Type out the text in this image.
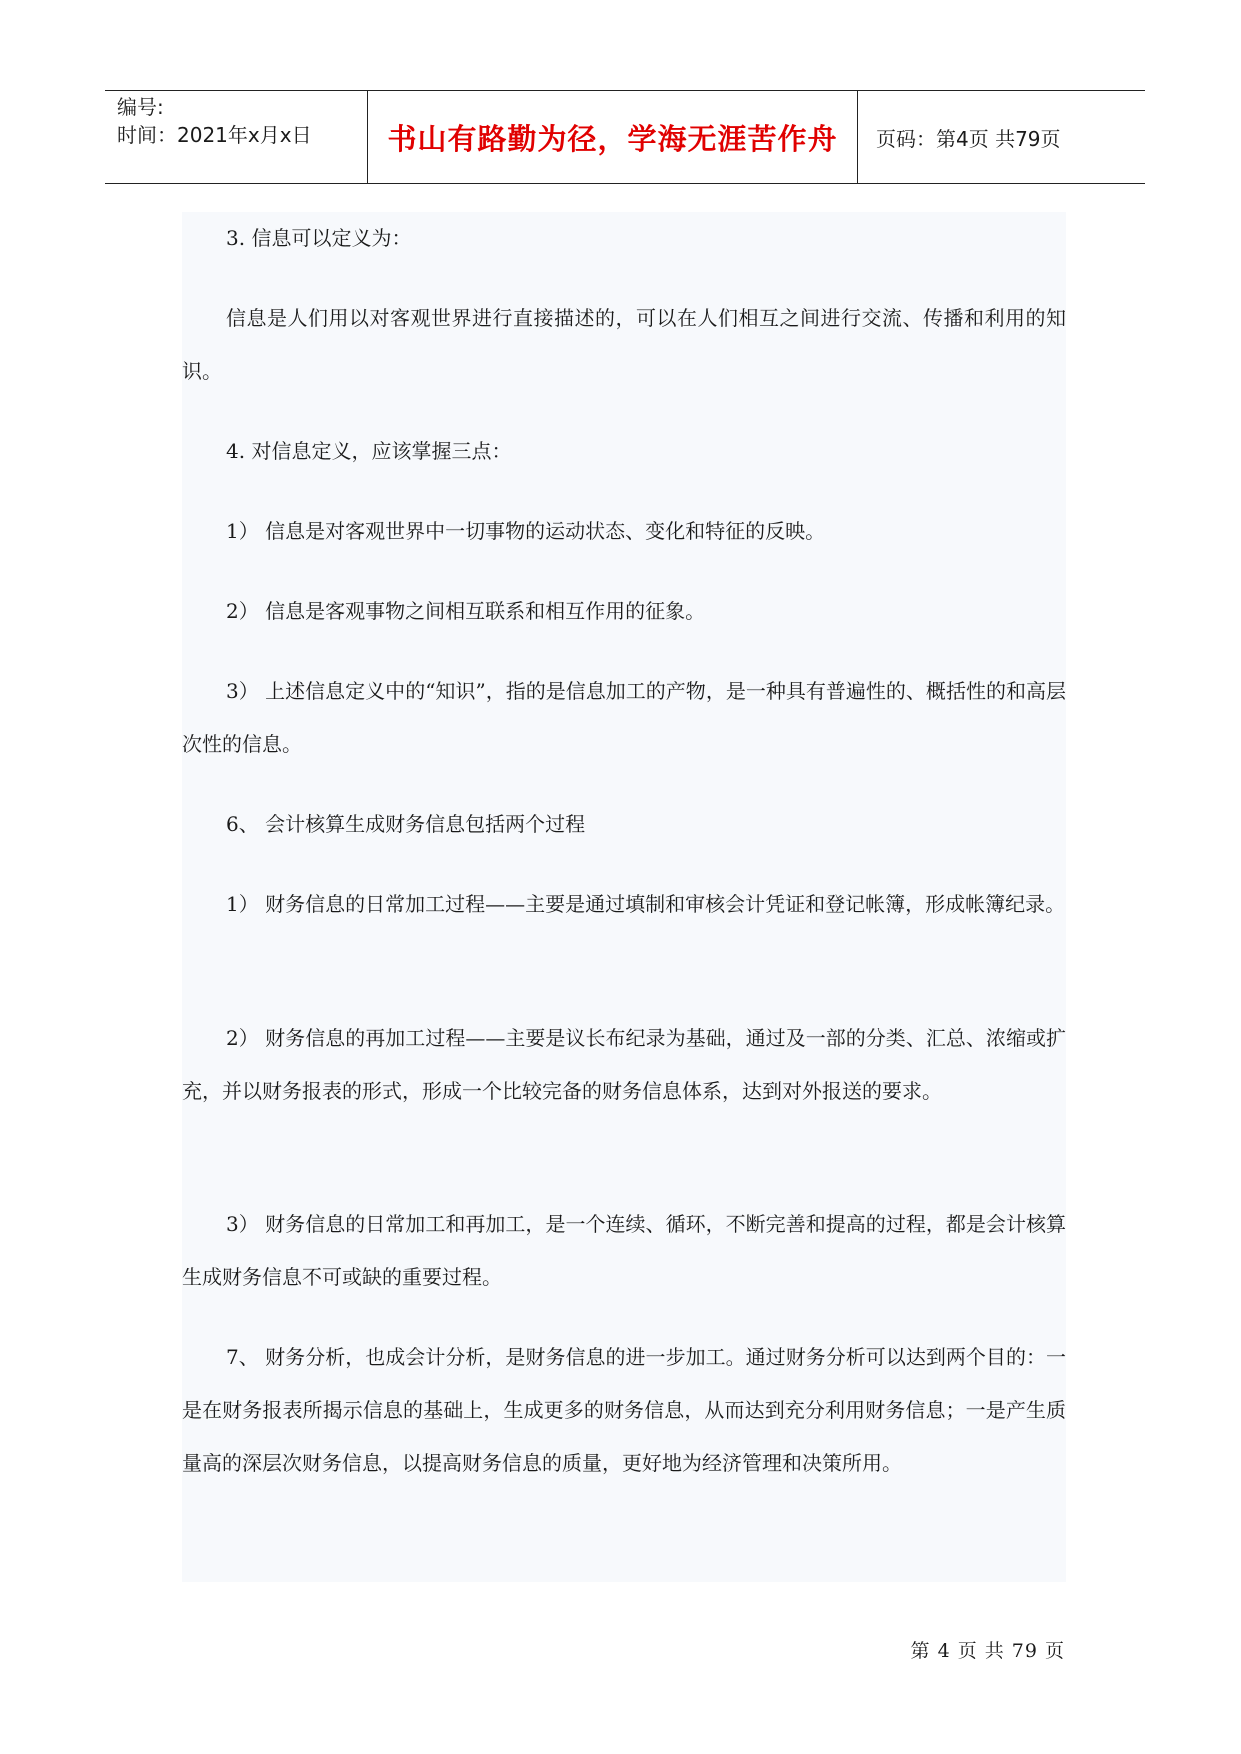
编号:
时间：2021年x月x日	书山有路勤为径，学海无涯苦作舟	页码：第4页 共79页

3. 信息可以定义为：

信息是人们用以对客观世界进行直接描述的，可以在人们相互之间进行交流、传播和利用的知识。

4. 对信息定义，应该掌握三点：

1） 信息是对客观世界中一切事物的运动状态、变化和特征的反映。

2） 信息是客观事物之间相互联系和相互作用的征象。

3） 上述信息定义中的“知识”，指的是信息加工的产物，是一种具有普遍性的、概括性的和高层次性的信息。

6、 会计核算生成财务信息包括两个过程

1） 财务信息的日常加工过程——主要是通过填制和审核会计凭证和登记帐簿，形成帐簿纪录。

2） 财务信息的再加工过程——主要是议长布纪录为基础，通过及一部的分类、汇总、浓缩或扩充，并以财务报表的形式，形成一个比较完备的财务信息体系，达到对外报送的要求。

3） 财务信息的日常加工和再加工，是一个连续、循环，不断完善和提高的过程，都是会计核算生成财务信息不可或缺的重要过程。

7、 财务分析，也成会计分析，是财务信息的进一步加工。通过财务分析可以达到两个目的：一是在财务报表所揭示信息的基础上，生成更多的财务信息，从而达到充分利用财务信息；一是产生质量高的深层次财务信息，以提高财务信息的质量，更好地为经济管理和决策所用。

第 4 页 共 79 页
